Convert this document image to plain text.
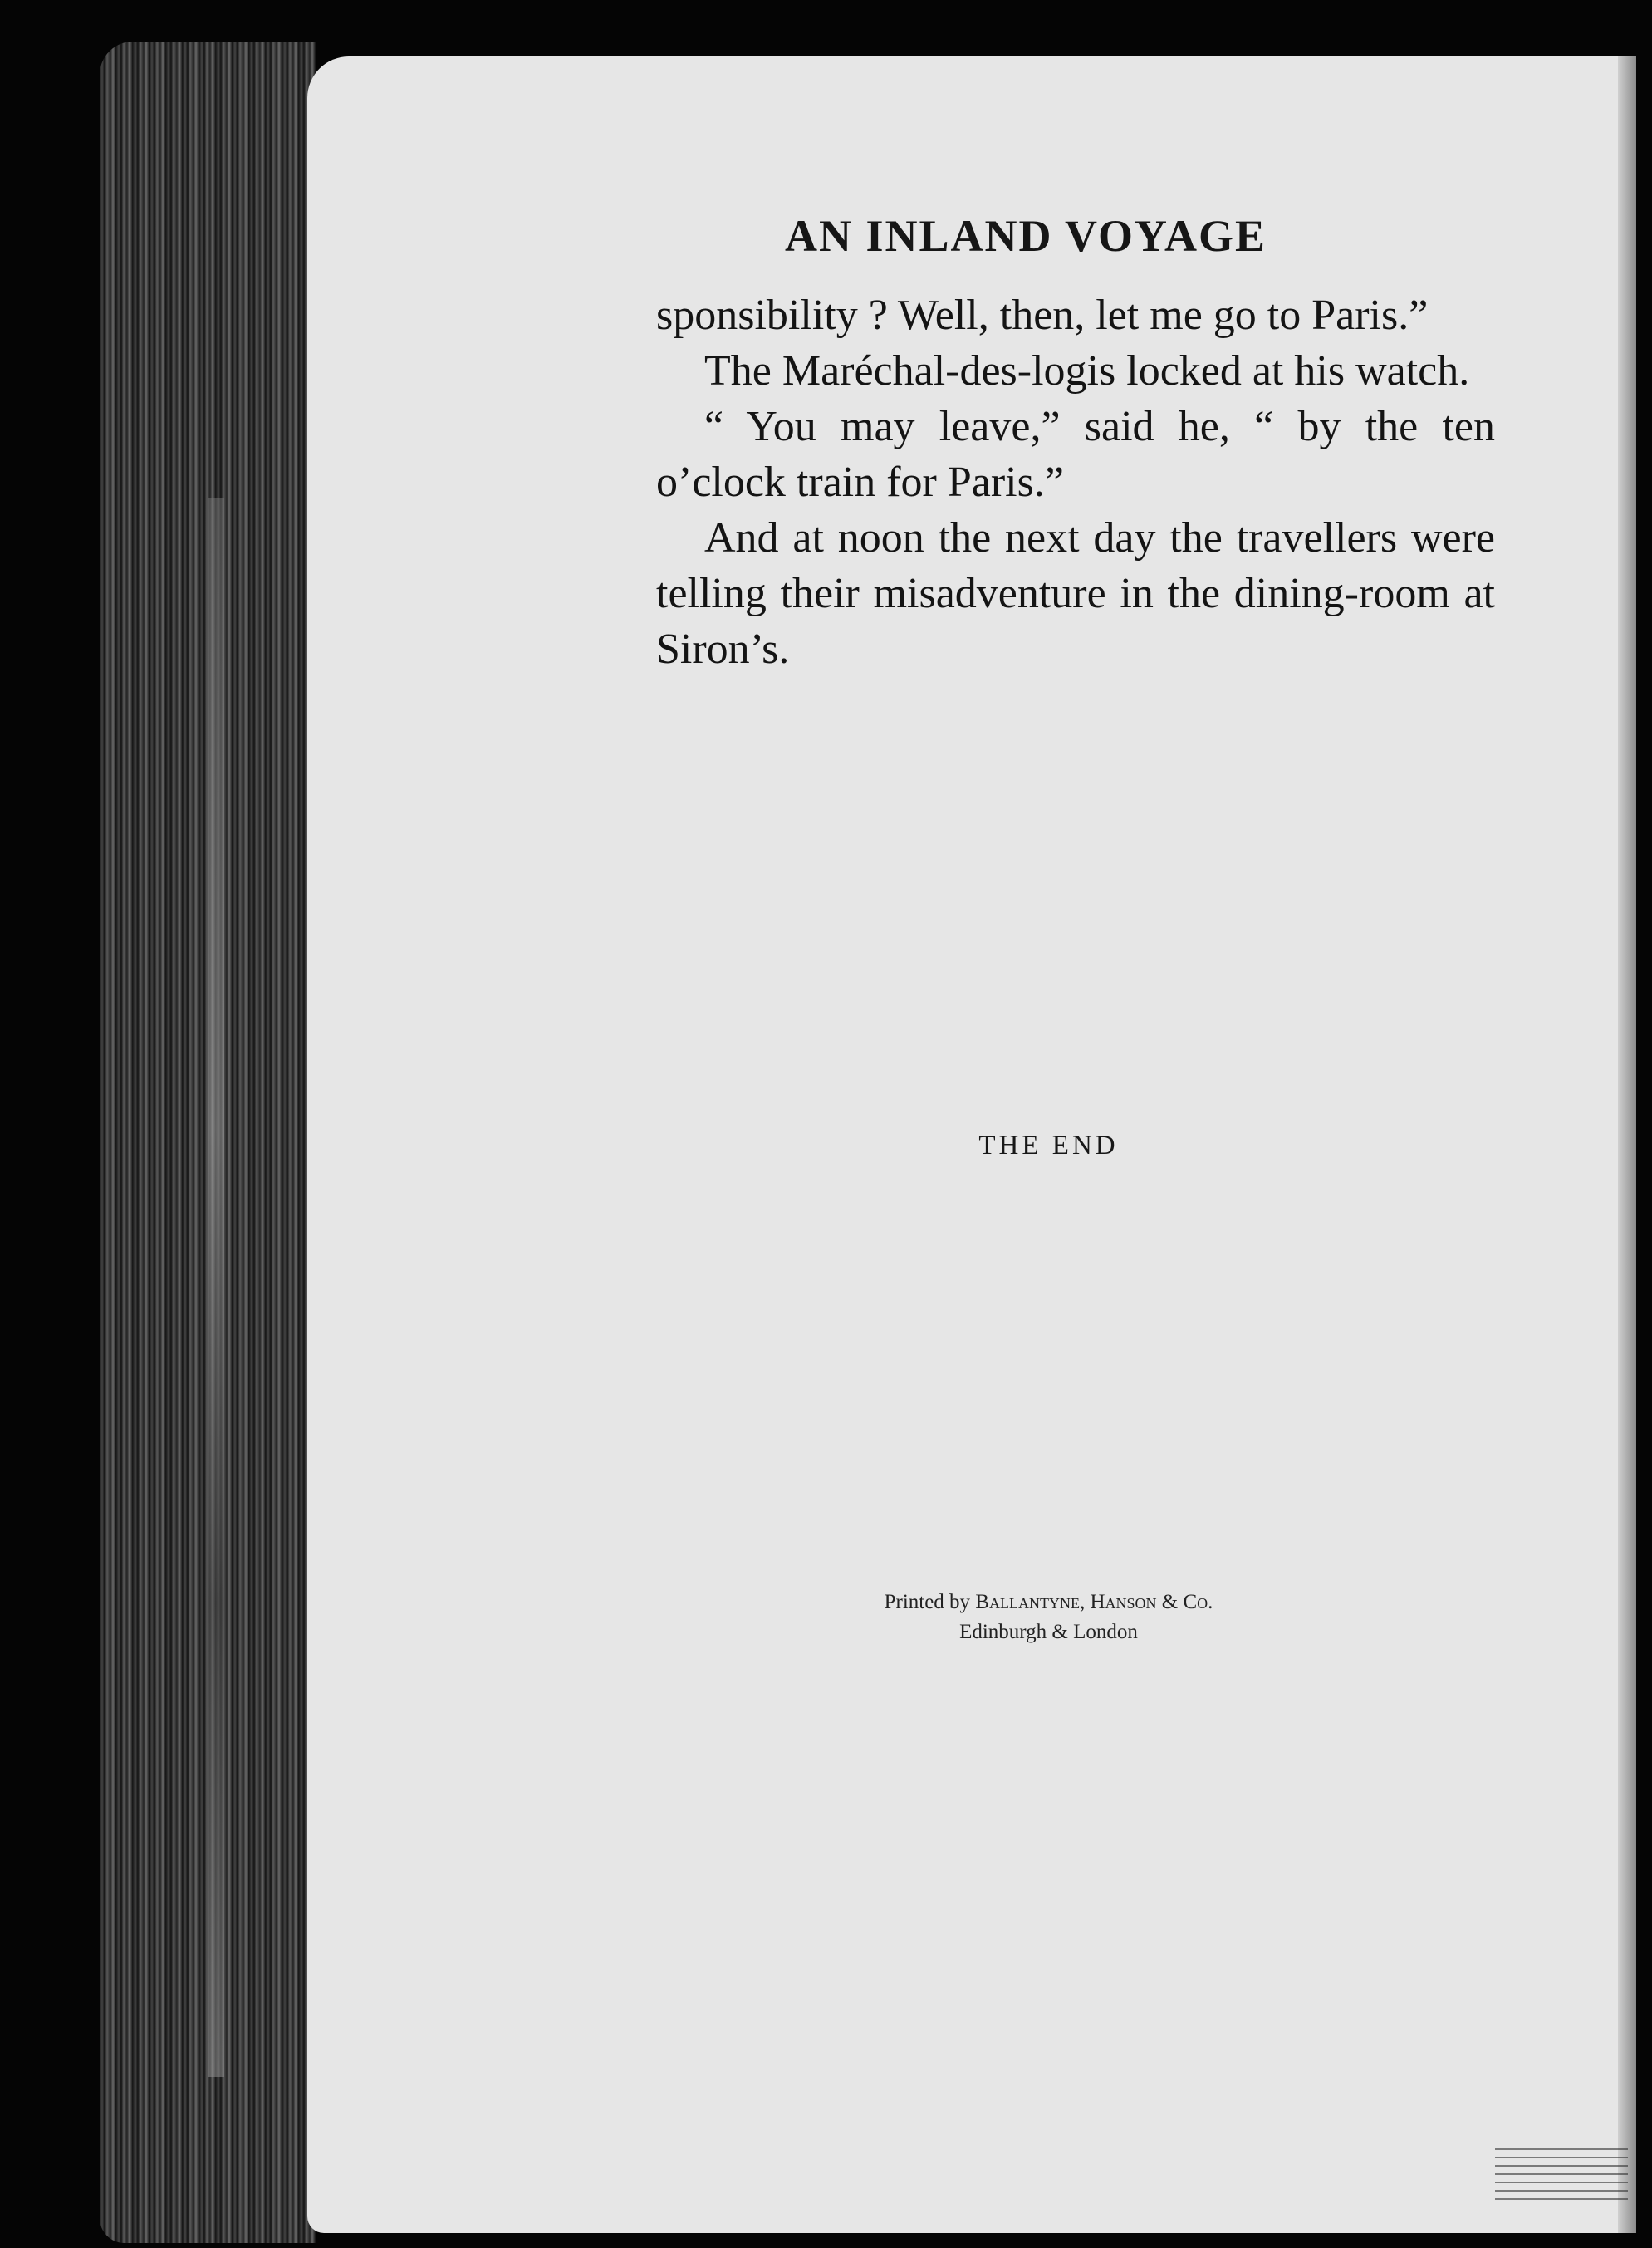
AN INLAND VOYAGE

sponsibility ? Well, then, let me go to Paris.”

The Maréchal-des-logis locked at his watch.

“ You may leave,” said he, “ by the ten o’clock train for Paris.”

And at noon the next day the travellers were telling their misadventure in the dining-room at Siron’s.

THE END
Printed by Ballantyne, Hanson & Co.
Edinburgh & London
